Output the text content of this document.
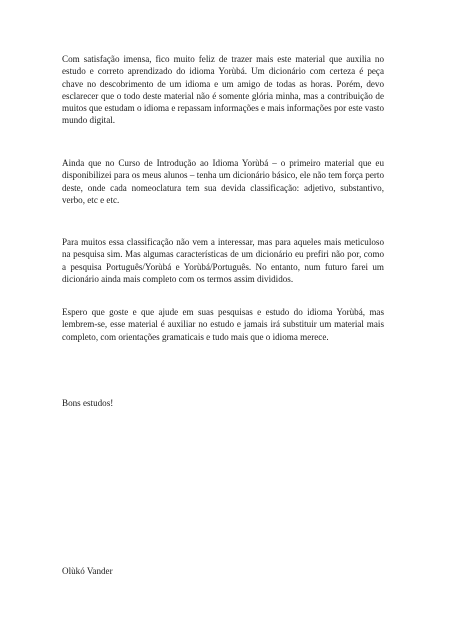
Com satisfação imensa, fico muito feliz de trazer mais este material que auxilia no estudo e correto aprendizado do idioma Yorùbá. Um dicionário com certeza é peça chave no descobrimento de um idioma e um amigo de todas as horas. Porém, devo esclarecer que o todo deste material não é somente glória minha, mas a contribuição de muitos que estudam o idioma e repassam informações e mais informações por este vasto mundo digital.

Ainda que no Curso de Introdução ao Idioma Yorùbá – o primeiro material que eu disponibilizei para os meus alunos – tenha um dicionário básico, ele não tem força perto deste, onde cada nomeoclatura tem sua devida classificação: adjetivo, substantivo, verbo, etc e etc.

Para muitos essa classificação não vem a interessar, mas para aqueles mais meticuloso na pesquisa sim. Mas algumas características de um dicionário eu prefiri não por, como a pesquisa Português/Yorùbá e Yorùbá/Português. No entanto, num futuro farei um dicionário ainda mais completo com os termos assim divididos.

Espero que goste e que ajude em suas pesquisas e estudo do idioma Yorùbá, mas lembrem-se, esse material é auxiliar no estudo e jamais irá substituir um material mais completo, com orientações gramaticais e tudo mais que o idioma merece.

Bons estudos!

Olùkó Vander
